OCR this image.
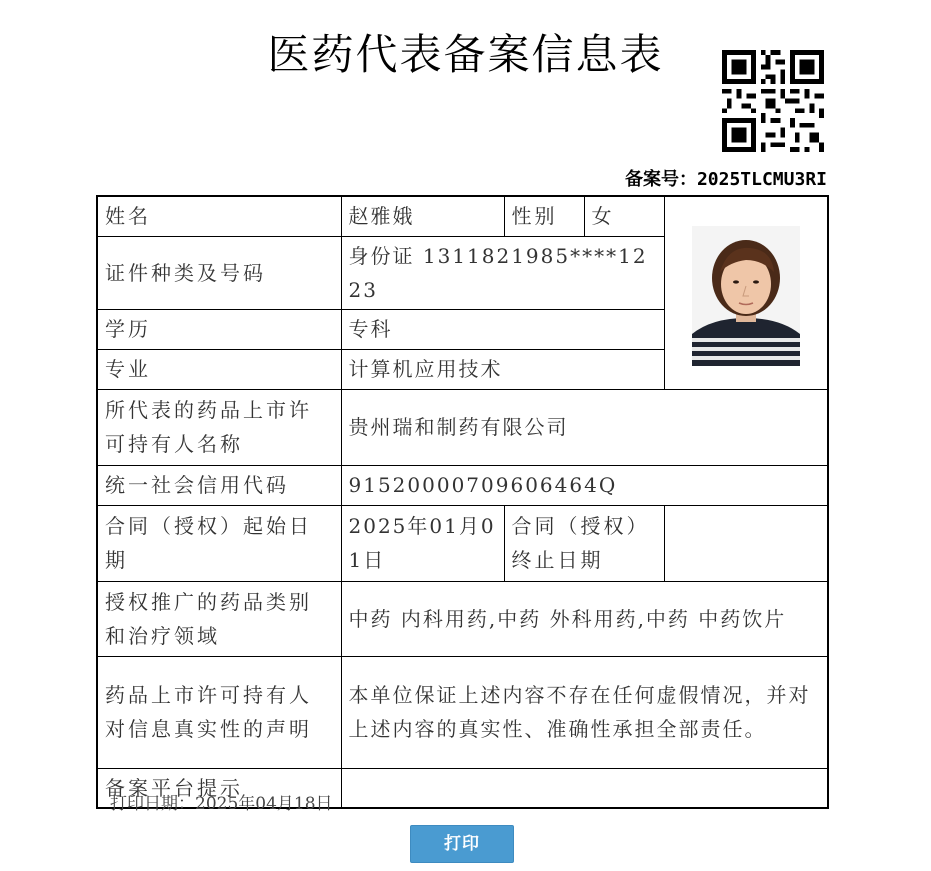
医药代表备案信息表
备案号：2025TLCMU3RI
姓名	赵雅娥	性别	女	

证件种类及号码	身份证 1311821985****1223			
学历	专科			
专业	计算机应用技术			
所代表的药品上市许可持有人名称	贵州瑞和制药有限公司			
统一社会信用代码	91520000709606464Q			
合同（授权）起始日期	2025年01月01日	合同（授权）终止日期		
授权推广的药品类别和治疗领域	中药 内科用药,中药 外科用药,中药 中药饮片			
药品上市许可持有人对信息真实性的声明	本单位保证上述内容不存在任何虚假情况，并对上述内容的真实性、准确性承担全部责任。			
备案平台提示				
打印日期：2025年04月18日
打印
